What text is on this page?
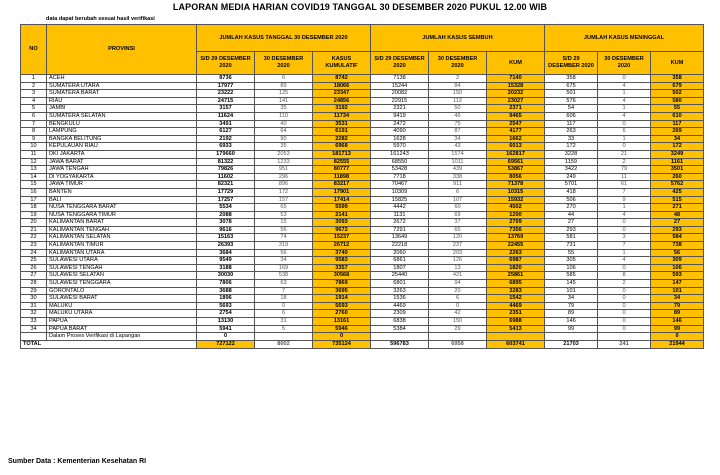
LAPORAN MEDIA HARIAN COVID19 TANGGAL 30 DESEMBER 2020 PUKUL 12.00 WIB
data dapat berubah sesuai hasil verifikasi
NO	PROVINSI	JUMLAH KASUS TANGGAL 30 DESEMBER 2020			JUMLAH KASUS SEMBUH			JUMLAH KASUS MENINGGAL		
		S/D 29 DESEMBER 2020	30 DESEMBER 2020	KASUS KUMULATIF	S/D 29 DESEMBER 2020	30 DESEMBER 2020	KUM	S/D 29 DESEMBER 2020	30 DESEMBER 2020	KUM
1	ACEH	8736	6	8742	7138	2	7140	358	0	358
2	SUMATERA UTARA	17977	89	18066	15244	84	15328	675	4	679
3	SUMATERA BARAT	23222	125	23347	20082	150	20232	501	1	502
4	RIAU	24715	141	24856	22915	112	23027	576	4	580
5	JAMBI	3157	35	3192	2321	50	2371	54	1	55
6	SUMATERA SELATAN	11624	110	11734	9419	46	9465	606	4	610
7	BENGKULU	3491	40	3531	2472	75	2547	117	0	117
8	LAMPUNG	6127	64	6191	4090	87	4177	263	6	269
9	BANGKA BELITUNG	2192	90	2282	1628	34	1662	33	1	34
10	KEPULAUAN RIAU	6933	35	6968	5970	43	6013	172	0	172
11	DKI JAKARTA	179660	2053	181713	161243	1574	162817	3228	21	3249
12	JAWA BARAT	81322	1233	82555	68550	1011	69561	1159	2	1161
13	JAWA TENGAH	79826	951	80777	53428	439	53867	3422	79	3501
14	DI YOGYAKARTA	11602	296	11898	7718	338	8056	249	11	260
15	JAWA TIMUR	82321	896	83217	70467	911	71378	5701	61	5762
16	BANTEN	17729	172	17901	10309	6	10315	418	7	425
17	BALI	17257	157	17414	15825	107	15932	506	9	515
18	NUSA TENGGARA BARAT	5534	65	5599	4442	60	4502	270	1	271
19	NUSA TENGGARA TIMUR	2088	53	2141	1131	69	1200	44	4	48
20	KALIMANTAN BARAT	3078	15	3093	2672	37	2709	27	0	27
21	KALIMANTAN TENGAH	9616	56	9672	7291	65	7356	293	0	293
22	KALIMANTAN SELATAN	15163	74	15237	13649	120	13769	581	3	584
23	KALIMANTAN TIMUR	26393	319	26712	22218	237	22455	731	7	738
24	KALIMANTAN UTARA	3684	56	3740	2060	203	2263	55	1	56
25	SULAWESI UTARA	9549	34	9583	6861	126	6987	305	4	309
26	SULAWESI TENGAH	3188	169	3357	1807	13	1820	106	0	106
27	SULAWESI SELATAN	30030	538	30568	25440	421	25861	585	8	593
28	SULAWESI TENGGARA	7806	63	7869	6801	94	6895	145	2	147
29	GORONTALO	3688	7	3695	3263	20	3283	101	0	101
30	SULAWESI BARAT	1896	18	1914	1536	6	1542	34	0	34
31	MALUKU	5693	0	5693	4469	0	4469	79	0	79
32	MALUKU UTARA	2754	6	2760	2309	42	2351	89	0	89
33	PAPUA	13130	31	13161	6838	150	6988	146	0	146
34	PAPUA BARAT	5941	5	5946	5384	29	5413	99	0	99
	Dalam Proses Verifikasi di Lapangan	0		0						0
TOTAL		727122	8002	735124	596783	6958	603741	21703	241	21944
Sumber Data : Kementerian Kesehatan RI
